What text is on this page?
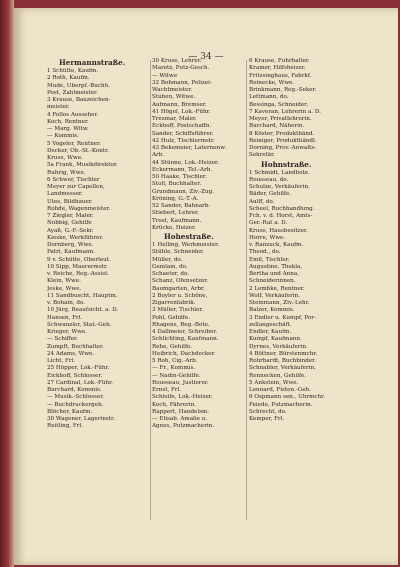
— 34 —
Hermannstraße.
1 Schütte, Kaufm.
2 Roth, Kaufm.
Mude, Überpf.-Buchh.
Post, Zahlmeister.
3 Krause, Bauzeichen-
meister.
4 Follos Ausseher.
Koch, Rentner.
— Marg. Witw.
— Kommis.
5 Vogeler, Rentner.
Decker, Ob.-St.-Kontr.
Kruse, Wwe.
5a Frank, Musikdirektor.
Ruhrig, Wwe.
6 Schwer, Tischler
Meyer zur Capellen,
Landmesser.
Utes, Bildhauer.
Rohde, Wagenmeister.
7 Ziegler, Maler.
Nobbig, Gehilfe
Ayaß, G.-F.-Sekr.
Kieske, Werkführer.
Dornberg, Wwe.
Patri, Kaufmann.
9 v. Schütte, Oberleut.
10 Sipp, Maurermstr.
v. Reiche, Reg.-Assist.
Klein, Wwe.
Jeske, Wwe.
11 Sandbuscht, Hauptm.
v. Bohain, do.
10 Jürg, Beaufsicht. a. D.
Hansen, Frl.
Schwanzler, Stat.-Geh.
Krieger, Wwe.
— Schiffer.
Zumpft, Buchhalter.
24 Adams, Wwe.
Licht, Frl.
25 Höpper, Lok.-Führ.
Eickhoff, Schlosser.
27 Cardinal, Lok.-Führ.
Burchard, Kommis.
— Musik.-Schlosser.
— Buchdruckergeh.
Blöcher, Kaufm.
30 Wagener, Lagerinstr.
Reitling, Frl.
30 Kruse, Lehrer.
Maretz, Putz-Gesch.
— Witwe
32 Bohmann, Polizei-
Wachtmeister.
Stuben, Witwe.
Aufmann, Bremser.
41 Högel, Lok.-Führ.
Tresmar, Maler.
Eckhoff, Postschaffn.
Sander, Schiffsführer.
42 Hulz, Tischlermstr.
43 Bekemeier, Laternenw.
Arb.
44 Stünne, Lok.-Heizer.
Eckermann, Tel.-Arb.
50 Haake, Tischler.
Stoll, Buchhalter.
Grundmann, Ziv.-Zug.
Kröning, G.-T.-A.
52 Sander, Bahnarb.
Stiebert, Lehrer.
Trost, Kaufmann.
Krücke, Heizer.
Hohestraße.
1 Helling, Werkmeister.
Stühle, Schneider.
Müller, do.
Gemlam, do.
Schaeter, do.
Schanz, Ofensetzer.
Baumgarten, Arbr.
2 Boyler u. Schöne,
Zigarrenfabrik.
3 Müller, Tischler.
Pohl, Gehilfe.
Rhagens, Reg.-Bote.
4 Dallmeier, Schreiber.
Schlichting, Kaufmann.
Rehe, Gehilfe.
Heibrich, Dachdecker.
5 Roh, Cig.-Arb.
— Fr., Kommis.
— Nadin-Gehilfe.
Rousseau, Justierer.
Ernst, Frl.
Schleife, Lok.-Heizer.
Koch, Fährerin.
Rappert, Handelsm.
— Elisab. Amalie u.
Agnes, Putzmacherin.
6 Krause, Fuhrhalter.
Kramer, Hilfsheizer.
Fritzsinghaus, Fahrkf.
Reinecke, Wwe.
Brinkmann, Reg.-Seker.
Lettmann, do.
Bessinga, Schneider.
7 Kaveran, Lehrerin a. D.
Meyer, Privatlehrerin.
Burchard, Näherin.
8 Köster, Produkthänd.
Reiniger, Produkthändl.
Dorning, Prov.-Anwalts-
Sekretär.
Hohnstraße.
1 Schmidt, Landbote.
Rousseau, do.
Schulze, Verkäuferin.
Bäder, Gehilfe.
Aulff, do.
Scheel, Buchhandlung.
Fch. v. d. Horst, Amts-
Ger.-Rat a. D.
Kruse, Hausbesitzer.
Horre, Wwe.
v. Ranzuck, Kaufm.
Theod., do.
Emil, Tischler.
Augustine, Thekla,
Bertha und Anna,
Schneiderinnen.
2 Lembke, Rentner.
Wolf, Verkäuferin.
Steinmann, Ziv.-Lehr.
Balzer, Kommis.
3 Endler u. Kumpf, Por-
zellangeschäft.
Endler, Kaufm.
Kumpf, Kaufmann.
Dyrnes, Verkäuferin.
4 Böttner, Bürstenmchr.
Rohrbardt, Buchbinder.
Schnabler, Verkäuferin.
Rennecken, Gehilfe.
5 Ankstein, Wwe.
Lennard, Fisten.-Geh.
6 Ospmann sen., Uhrmchr.
Feiede, Putzmacherin.
Schrecht, do.
Kemper, Frl.
